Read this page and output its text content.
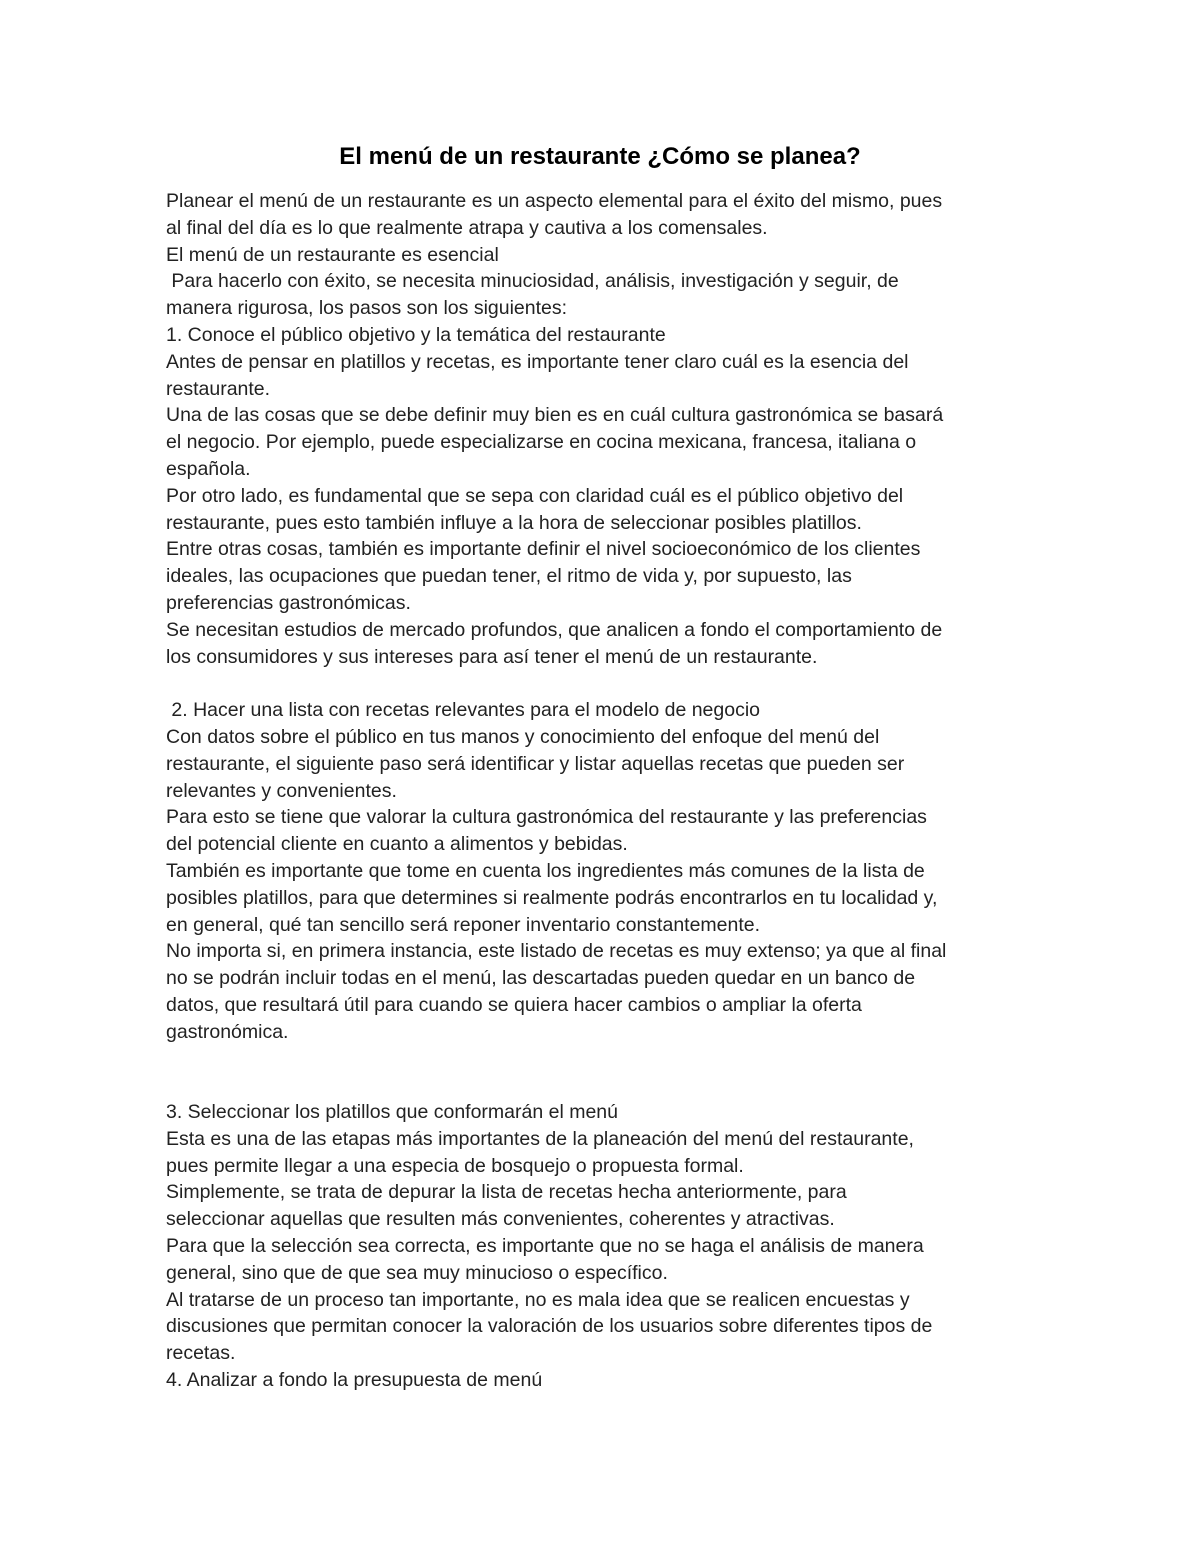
El menú de un restaurante ¿Cómo se planea?
Planear el menú de un restaurante es un aspecto elemental para el éxito del mismo, pues
al final del día es lo que realmente atrapa y cautiva a los comensales.
El menú de un restaurante es esencial
Para hacerlo con éxito, se necesita minuciosidad, análisis, investigación y seguir, de
manera rigurosa, los pasos son los siguientes:
1. Conoce el público objetivo y la temática del restaurante
Antes de pensar en platillos y recetas, es importante tener claro cuál es la esencia del
restaurante.
Una de las cosas que se debe definir muy bien es en cuál cultura gastronómica se basará
el negocio. Por ejemplo, puede especializarse en cocina mexicana, francesa, italiana o
española.
Por otro lado, es fundamental que se sepa con claridad cuál es el público objetivo del
restaurante, pues esto también influye a la hora de seleccionar posibles platillos.
Entre otras cosas, también es importante definir el nivel socioeconómico de los clientes
ideales, las ocupaciones que puedan tener, el ritmo de vida y, por supuesto, las
preferencias gastronómicas.
Se necesitan estudios de mercado profundos, que analicen a fondo el comportamiento de
los consumidores y sus intereses para así tener el menú de un restaurante.
2. Hacer una lista con recetas relevantes para el modelo de negocio
Con datos sobre el público en tus manos y conocimiento del enfoque del menú del
restaurante, el siguiente paso será identificar y listar aquellas recetas que pueden ser
relevantes y convenientes.
Para esto se tiene que valorar la cultura gastronómica del restaurante y las preferencias
del potencial cliente en cuanto a alimentos y bebidas.
También es importante que tome en cuenta los ingredientes más comunes de la lista de
posibles platillos, para que determines si realmente podrás encontrarlos en tu localidad y,
en general, qué tan sencillo será reponer inventario constantemente.
No importa si, en primera instancia, este listado de recetas es muy extenso; ya que al final
no se podrán incluir todas en el menú, las descartadas pueden quedar en un banco de
datos, que resultará útil para cuando se quiera hacer cambios o ampliar la oferta
gastronómica.
3. Seleccionar los platillos que conformarán el menú
Esta es una de las etapas más importantes de la planeación del menú del restaurante,
pues permite llegar a una especia de bosquejo o propuesta formal.
Simplemente, se trata de depurar la lista de recetas hecha anteriormente, para
seleccionar aquellas que resulten más convenientes, coherentes y atractivas.
Para que la selección sea correcta, es importante que no se haga el análisis de manera
general, sino que de que sea muy minucioso o específico.
Al tratarse de un proceso tan importante, no es mala idea que se realicen encuestas y
discusiones que permitan conocer la valoración de los usuarios sobre diferentes tipos de
recetas.
4. Analizar a fondo la presupuesta de menú
